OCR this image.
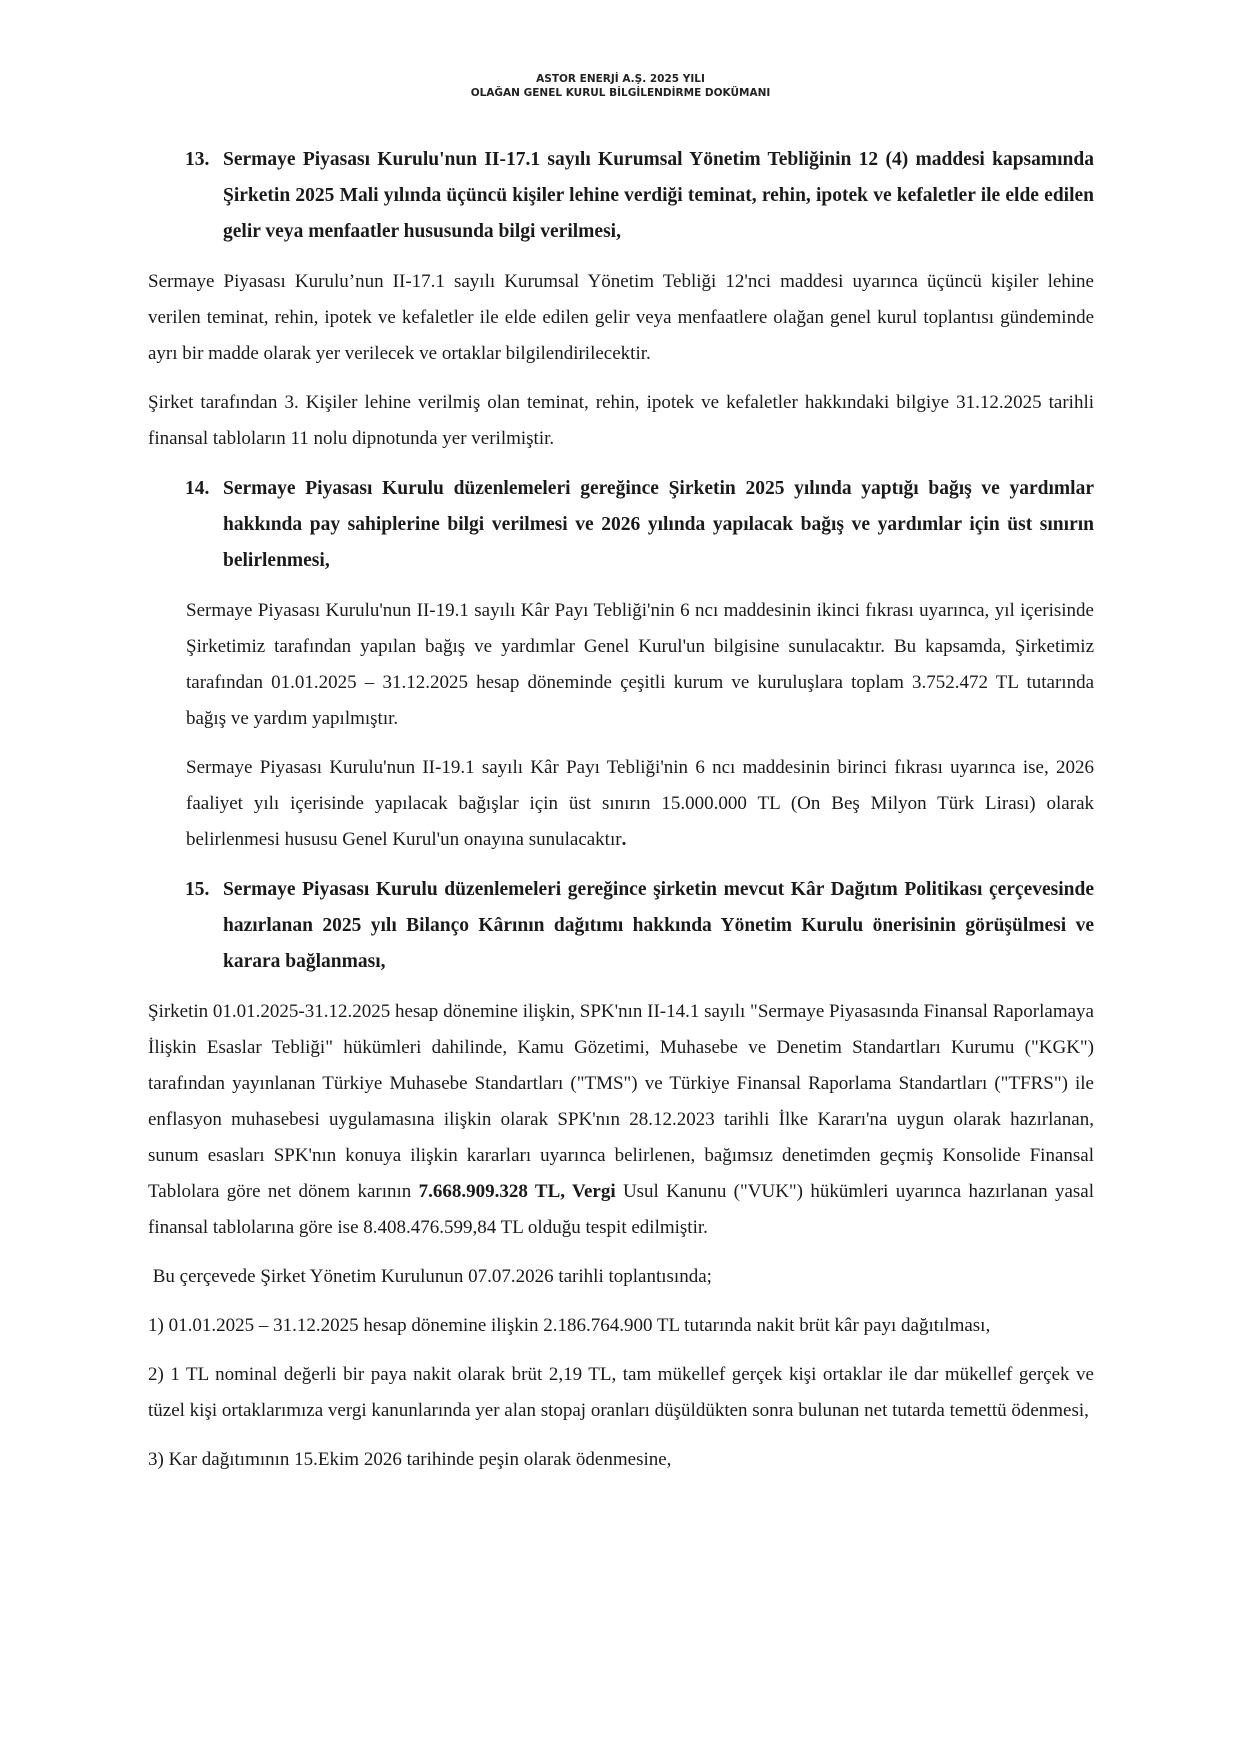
ASTOR ENERJİ A.Ş. 2025 YILI
OLAĞAN GENEL KURUL BİLGİLENDİRME DOKÜMANI
13. Sermaye Piyasası Kurulu'nun II-17.1 sayılı Kurumsal Yönetim Tebliğinin 12 (4) maddesi kapsamında Şirketin 2025 Mali yılında üçüncü kişiler lehine verdiği teminat, rehin, ipotek ve kefaletler ile elde edilen gelir veya menfaatler hususunda bilgi verilmesi,

Sermaye Piyasası Kurulu’nun II-17.1 sayılı Kurumsal Yönetim Tebliği 12'nci maddesi uyarınca üçüncü kişiler lehine verilen teminat, rehin, ipotek ve kefaletler ile elde edilen gelir veya menfaatlere olağan genel kurul toplantısı gündeminde ayrı bir madde olarak yer verilecek ve ortaklar bilgilendirilecektir.

Şirket tarafından 3. Kişiler lehine verilmiş olan teminat, rehin, ipotek ve kefaletler hakkındaki bilgiye 31.12.2025 tarihli finansal tabloların 11 nolu dipnotunda yer verilmiştir.

14. Sermaye Piyasası Kurulu düzenlemeleri gereğince Şirketin 2025 yılında yaptığı bağış ve yardımlar hakkında pay sahiplerine bilgi verilmesi ve 2026 yılında yapılacak bağış ve yardımlar için üst sınırın belirlenmesi,

Sermaye Piyasası Kurulu'nun II-19.1 sayılı Kâr Payı Tebliği'nin 6 ncı maddesinin ikinci fıkrası uyarınca, yıl içerisinde Şirketimiz tarafından yapılan bağış ve yardımlar Genel Kurul'un bilgisine sunulacaktır. Bu kapsamda, Şirketimiz tarafından 01.01.2025 – 31.12.2025 hesap döneminde çeşitli kurum ve kuruluşlara toplam 3.752.472 TL tutarında bağış ve yardım yapılmıştır.

Sermaye Piyasası Kurulu'nun II-19.1 sayılı Kâr Payı Tebliği'nin 6 ncı maddesinin birinci fıkrası uyarınca ise, 2026 faaliyet yılı içerisinde yapılacak bağışlar için üst sınırın 15.000.000 TL (On Beş Milyon Türk Lirası) olarak belirlenmesi hususu Genel Kurul'un onayına sunulacaktır.

15. Sermaye Piyasası Kurulu düzenlemeleri gereğince şirketin mevcut Kâr Dağıtım Politikası çerçevesinde hazırlanan 2025 yılı Bilanço Kârının dağıtımı hakkında Yönetim Kurulu önerisinin görüşülmesi ve karara bağlanması,

Şirketin 01.01.2025-31.12.2025 hesap dönemine ilişkin, SPK'nın II-14.1 sayılı "Sermaye Piyasasında Finansal Raporlamaya İlişkin Esaslar Tebliği" hükümleri dahilinde, Kamu Gözetimi, Muhasebe ve Denetim Standartları Kurumu ("KGK") tarafından yayınlanan Türkiye Muhasebe Standartları ("TMS") ve Türkiye Finansal Raporlama Standartları ("TFRS") ile enflasyon muhasebesi uygulamasına ilişkin olarak SPK'nın 28.12.2023 tarihli İlke Kararı'na uygun olarak hazırlanan, sunum esasları SPK'nın konuya ilişkin kararları uyarınca belirlenen, bağımsız denetimden geçmiş Konsolide Finansal Tablolara göre net dönem karının 7.668.909.328 TL, Vergi Usul Kanunu ("VUK") hükümleri uyarınca hazırlanan yasal finansal tablolarına göre ise 8.408.476.599,84 TL olduğu tespit edilmiştir.

Bu çerçevede Şirket Yönetim Kurulunun 07.07.2026 tarihli toplantısında;

1) 01.01.2025 – 31.12.2025 hesap dönemine ilişkin 2.186.764.900 TL tutarında nakit brüt kâr payı dağıtılması,

2) 1 TL nominal değerli bir paya nakit olarak brüt 2,19 TL, tam mükellef gerçek kişi ortaklar ile dar mükellef gerçek ve tüzel kişi ortaklarımıza vergi kanunlarında yer alan stopaj oranları düşüldükten sonra bulunan net tutarda temettü ödenmesi,

3) Kar dağıtımının 15.Ekim 2026 tarihinde peşin olarak ödenmesine,
